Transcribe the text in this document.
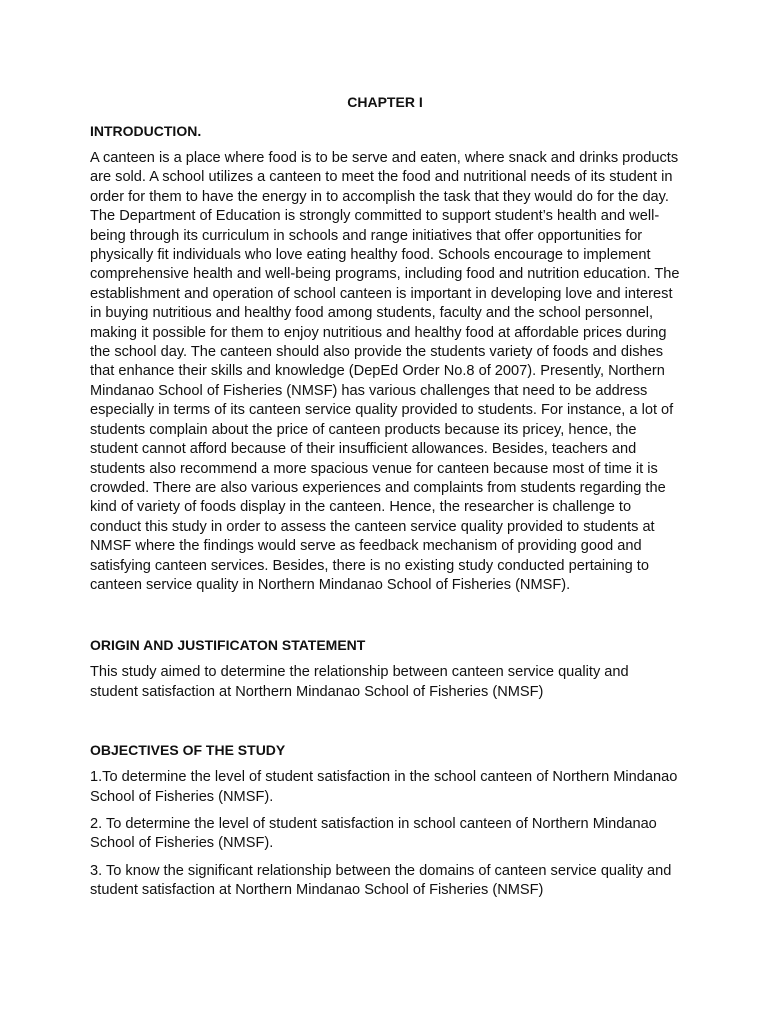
CHAPTER I
INTRODUCTION.

A canteen is a place where food is to be serve and eaten, where snack and drinks products are sold. A school utilizes a canteen to meet the food and nutritional needs of its student in order for them to have the energy in to accomplish the task that they would do for the day. The Department of Education is strongly committed to support student’s health and well-being through its curriculum in schools and range initiatives that offer opportunities for physically fit individuals who love eating healthy food. Schools encourage to implement comprehensive health and well-being programs, including food and nutrition education. The establishment and operation of school canteen is important in developing love and interest in buying nutritious and healthy food among students, faculty and the school personnel, making it possible for them to enjoy nutritious and healthy food at affordable prices during the school day. The canteen should also provide the students variety of foods and dishes that enhance their skills and knowledge (DepEd Order No.8 of 2007). Presently, Northern Mindanao School of Fisheries (NMSF) has various challenges that need to be address especially in terms of its canteen service quality provided to students. For instance, a lot of students complain about the price of canteen products because its pricey, hence, the student cannot afford because of their insufficient allowances. Besides, teachers and students also recommend a more spacious venue for canteen because most of time it is crowded. There are also various experiences and complaints from students regarding the kind of variety of foods display in the canteen. Hence, the researcher is challenge to conduct this study in order to assess the canteen service quality provided to students at NMSF where the findings would serve as feedback mechanism of providing good and satisfying canteen services. Besides, there is no existing study conducted pertaining to canteen service quality in Northern Mindanao School of Fisheries (NMSF).

ORIGIN AND JUSTIFICATON STATEMENT

This study aimed to determine the relationship between canteen service quality and student satisfaction at Northern Mindanao School of Fisheries (NMSF)

OBJECTIVES OF THE STUDY

1.To determine the level of student satisfaction in the school canteen of Northern Mindanao School of Fisheries (NMSF).

2. To determine the level of student satisfaction in school canteen of Northern Mindanao School of Fisheries (NMSF).

3. To know the significant relationship between the domains of canteen service quality and student satisfaction at Northern Mindanao School of Fisheries (NMSF)
